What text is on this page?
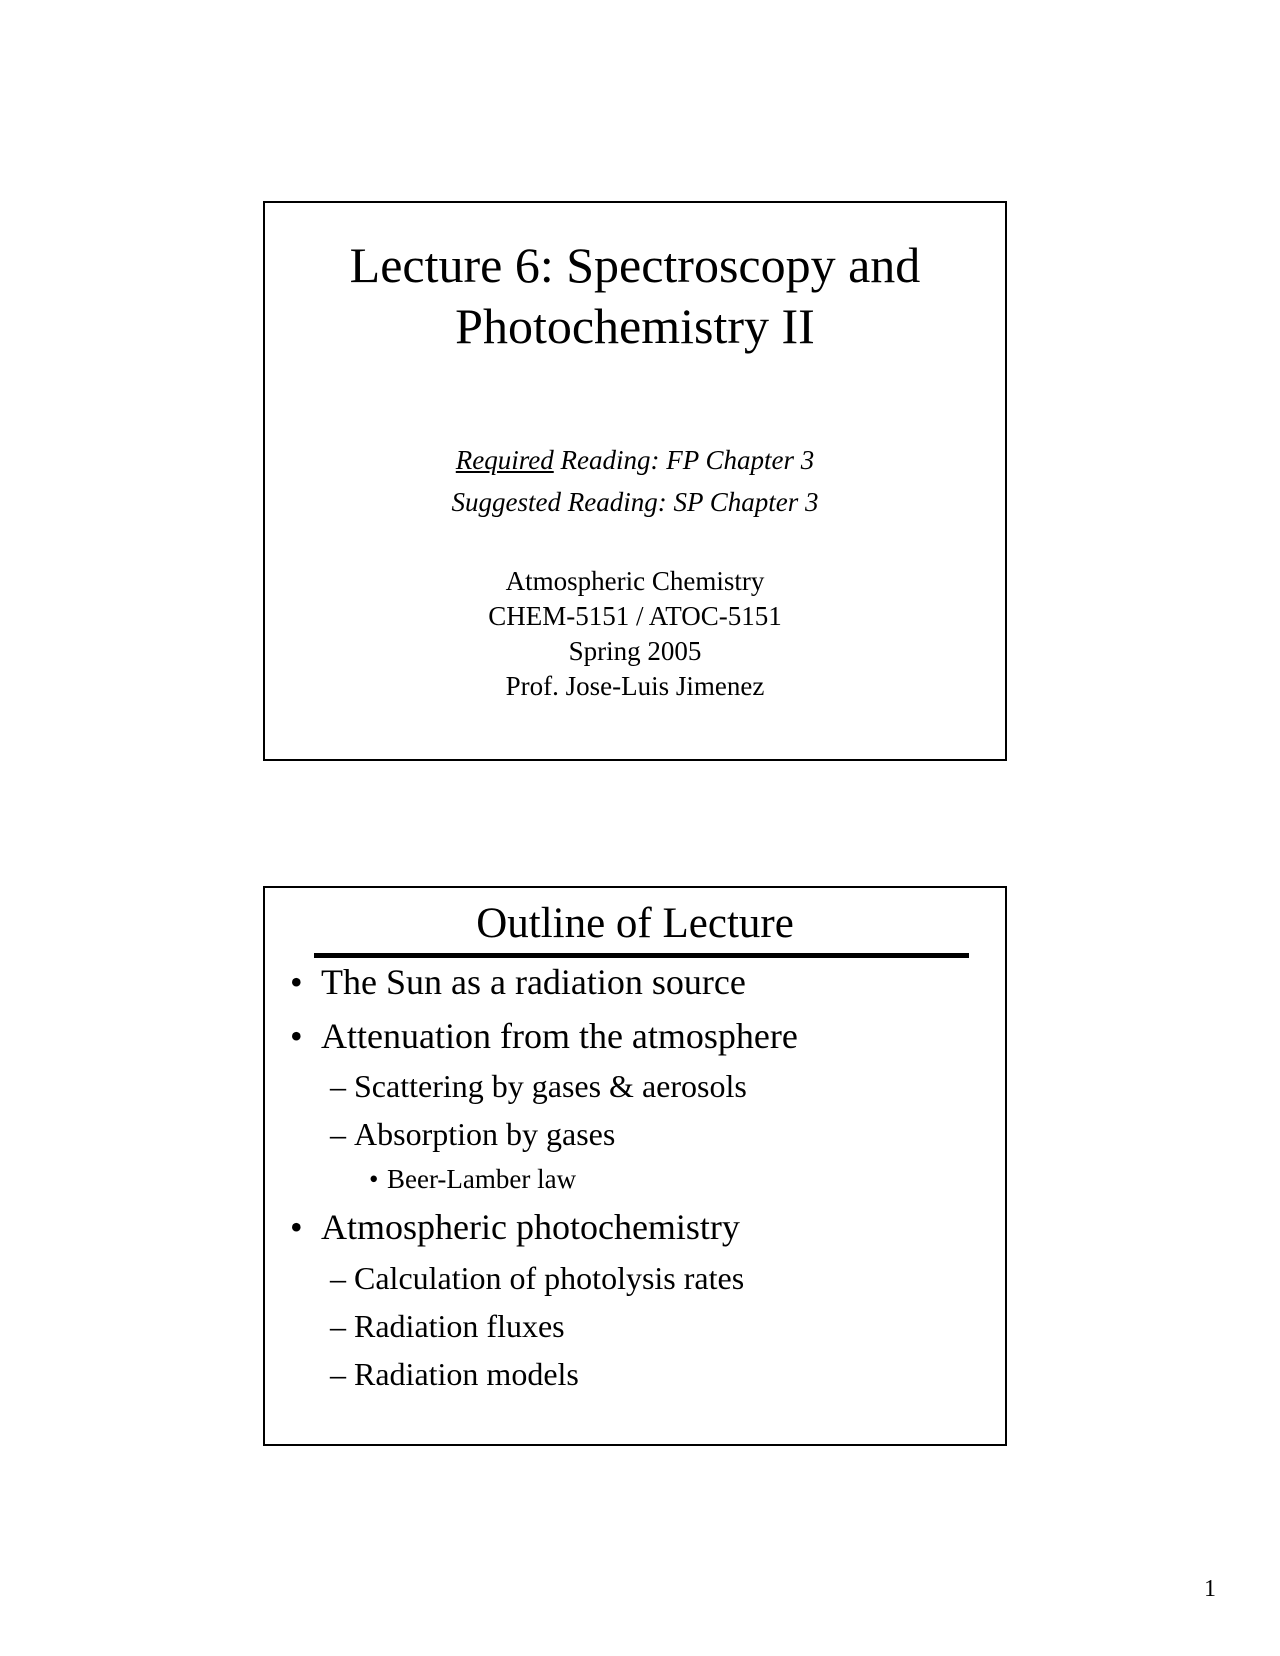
Lecture 6: Spectroscopy and
Photochemistry II
Required Reading: FP Chapter 3
Suggested Reading: SP Chapter 3
Atmospheric Chemistry
CHEM-5151 / ATOC-5151
Spring 2005
Prof. Jose-Luis Jimenez
Outline of Lecture
• The Sun as a radiation source
• Attenuation from the atmosphere
– Scattering by gases & aerosols
– Absorption by gases
• Beer-Lamber law
• Atmospheric photochemistry
– Calculation of photolysis rates
– Radiation fluxes
– Radiation models
1
